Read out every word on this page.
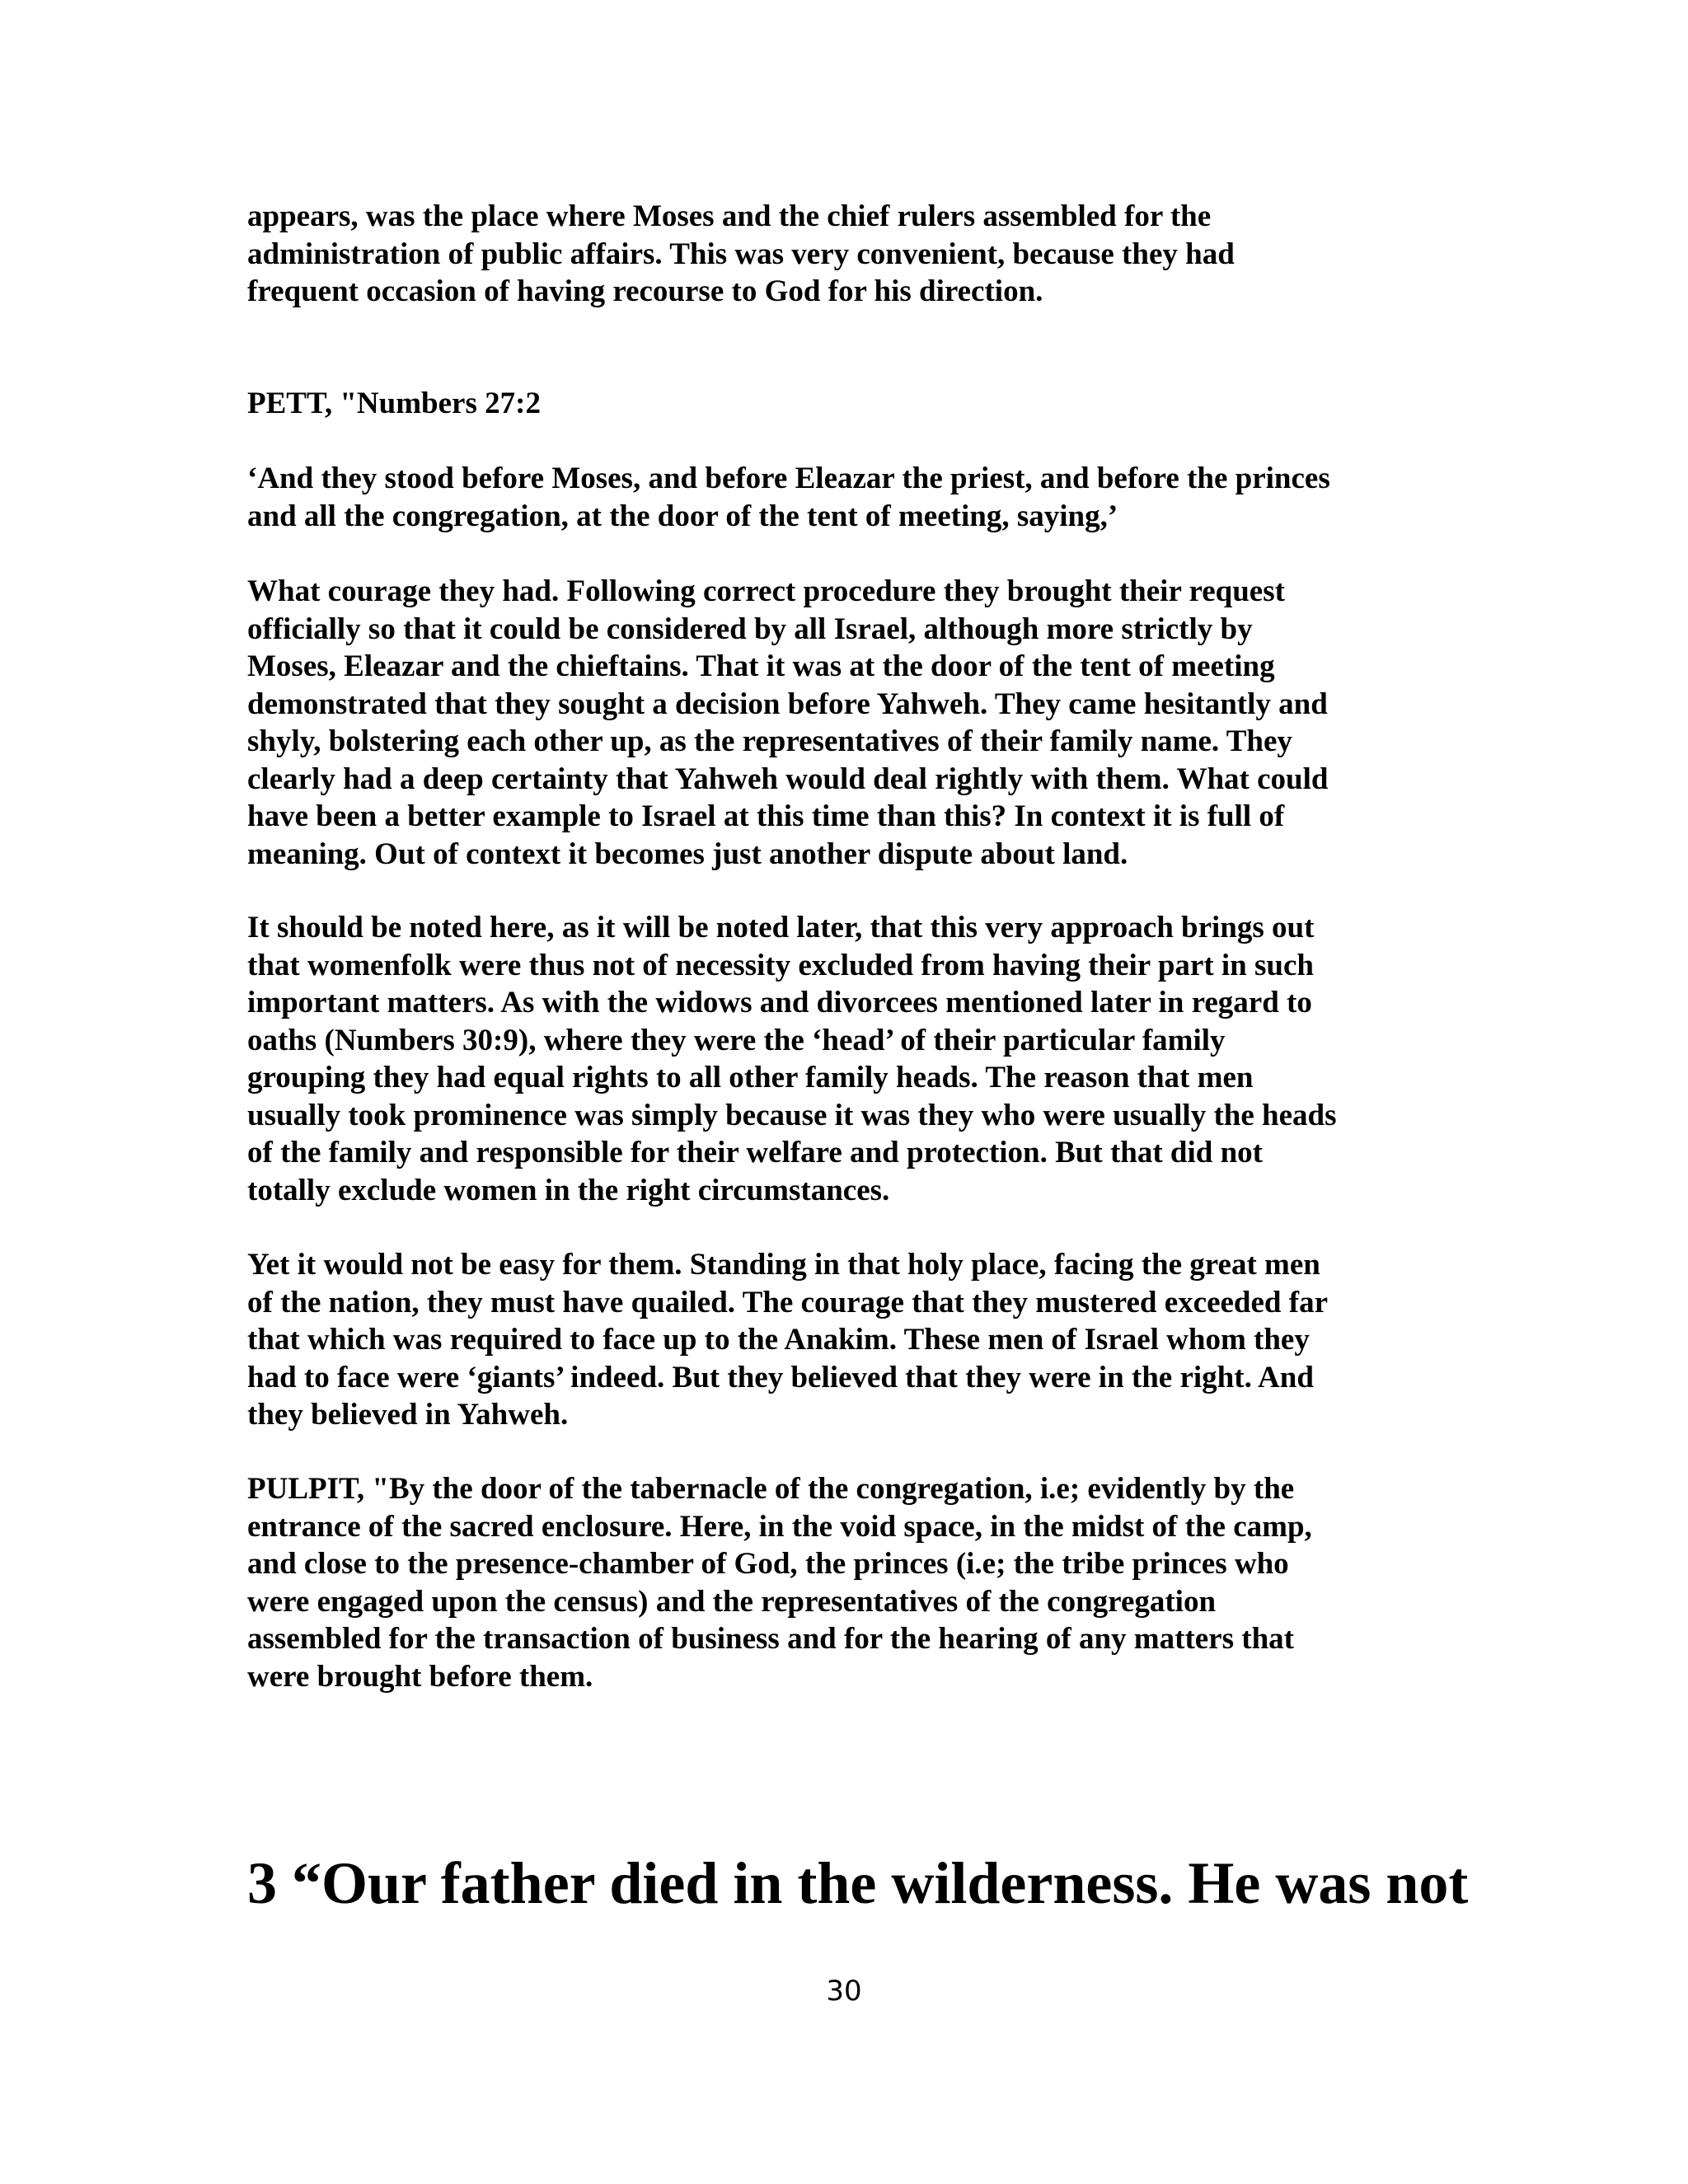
appears, was the place where Moses and the chief rulers assembled for the
administration of public affairs. This was very convenient, because they had
frequent occasion of having recourse to God for his direction.

PETT, "Numbers 27:2

‘And they stood before Moses, and before Eleazar the priest, and before the princes
and all the congregation, at the door of the tent of meeting, saying,’

What courage they had. Following correct procedure they brought their request
officially so that it could be considered by all Israel, although more strictly by
Moses, Eleazar and the chieftains. That it was at the door of the tent of meeting
demonstrated that they sought a decision before Yahweh. They came hesitantly and
shyly, bolstering each other up, as the representatives of their family name. They
clearly had a deep certainty that Yahweh would deal rightly with them. What could
have been a better example to Israel at this time than this? In context it is full of
meaning. Out of context it becomes just another dispute about land.

It should be noted here, as it will be noted later, that this very approach brings out
that womenfolk were thus not of necessity excluded from having their part in such
important matters. As with the widows and divorcees mentioned later in regard to
oaths (Numbers 30:9), where they were the ‘head’ of their particular family
grouping they had equal rights to all other family heads. The reason that men
usually took prominence was simply because it was they who were usually the heads
of the family and responsible for their welfare and protection. But that did not
totally exclude women in the right circumstances.

Yet it would not be easy for them. Standing in that holy place, facing the great men
of the nation, they must have quailed. The courage that they mustered exceeded far
that which was required to face up to the Anakim. These men of Israel whom they
had to face were ‘giants’ indeed. But they believed that they were in the right. And
they believed in Yahweh.

PULPIT, "By the door of the tabernacle of the congregation, i.e; evidently by the
entrance of the sacred enclosure. Here, in the void space, in the midst of the camp,
and close to the presence-chamber of God, the princes (i.e; the tribe princes who
were engaged upon the census) and the representatives of the congregation
assembled for the transaction of business and for the hearing of any matters that
were brought before them.

3 “Our father died in the wilderness. He was not
30
